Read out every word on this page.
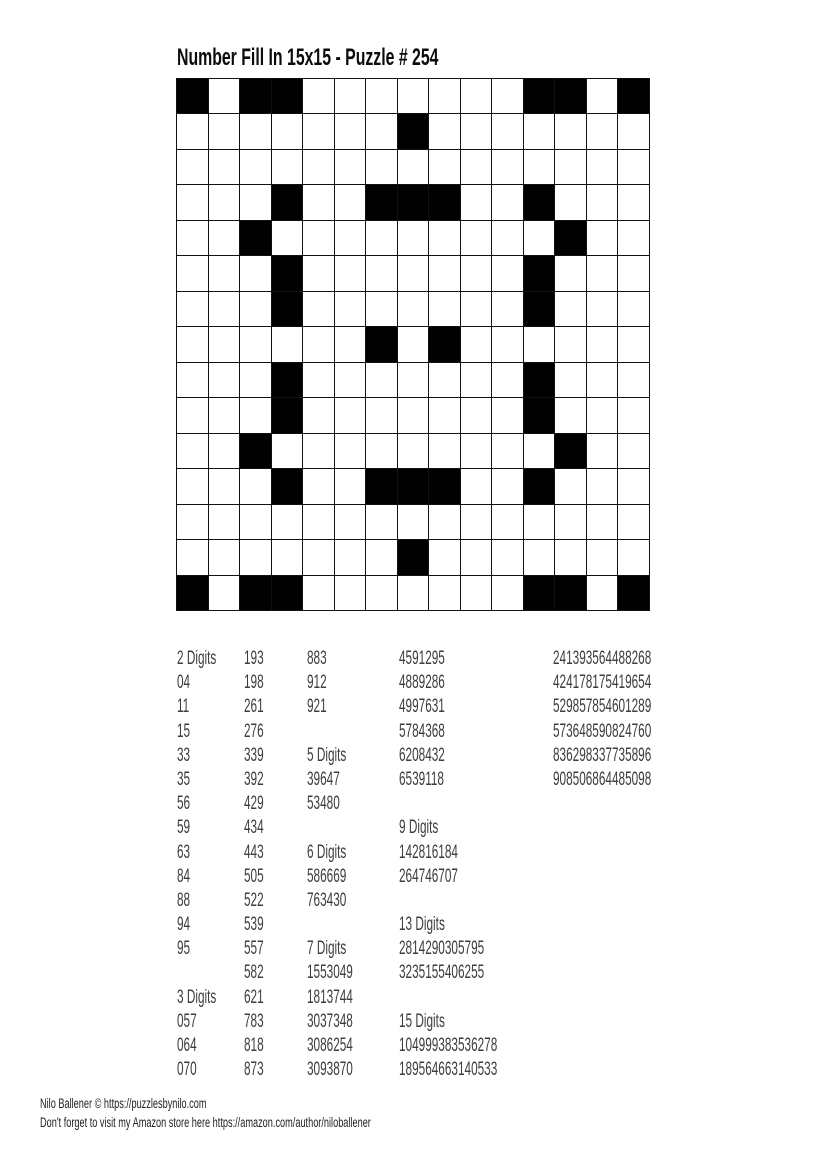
Number Fill In 15x15 - Puzzle # 254
2 Digits
04
11
15
33
35
56
59
63
84
88
94
95
3 Digits
057
064
070
193
198
261
276
339
392
429
434
443
505
522
539
557
582
621
783
818
873
883
912
921
5 Digits
39647
53480
6 Digits
586669
763430
7 Digits
1553049
1813744
3037348
3086254
3093870
4591295
4889286
4997631
5784368
6208432
6539118
9 Digits
142816184
264746707
13 Digits
2814290305795
3235155406255
15 Digits
104999383536278
189564663140533
241393564488268
424178175419654
529857854601289
573648590824760
836298337735896
908506864485098
Nilo Ballener © https://puzzlesbynilo.com
Don't forget to visit my Amazon store here https://amazon.com/author/niloballener
